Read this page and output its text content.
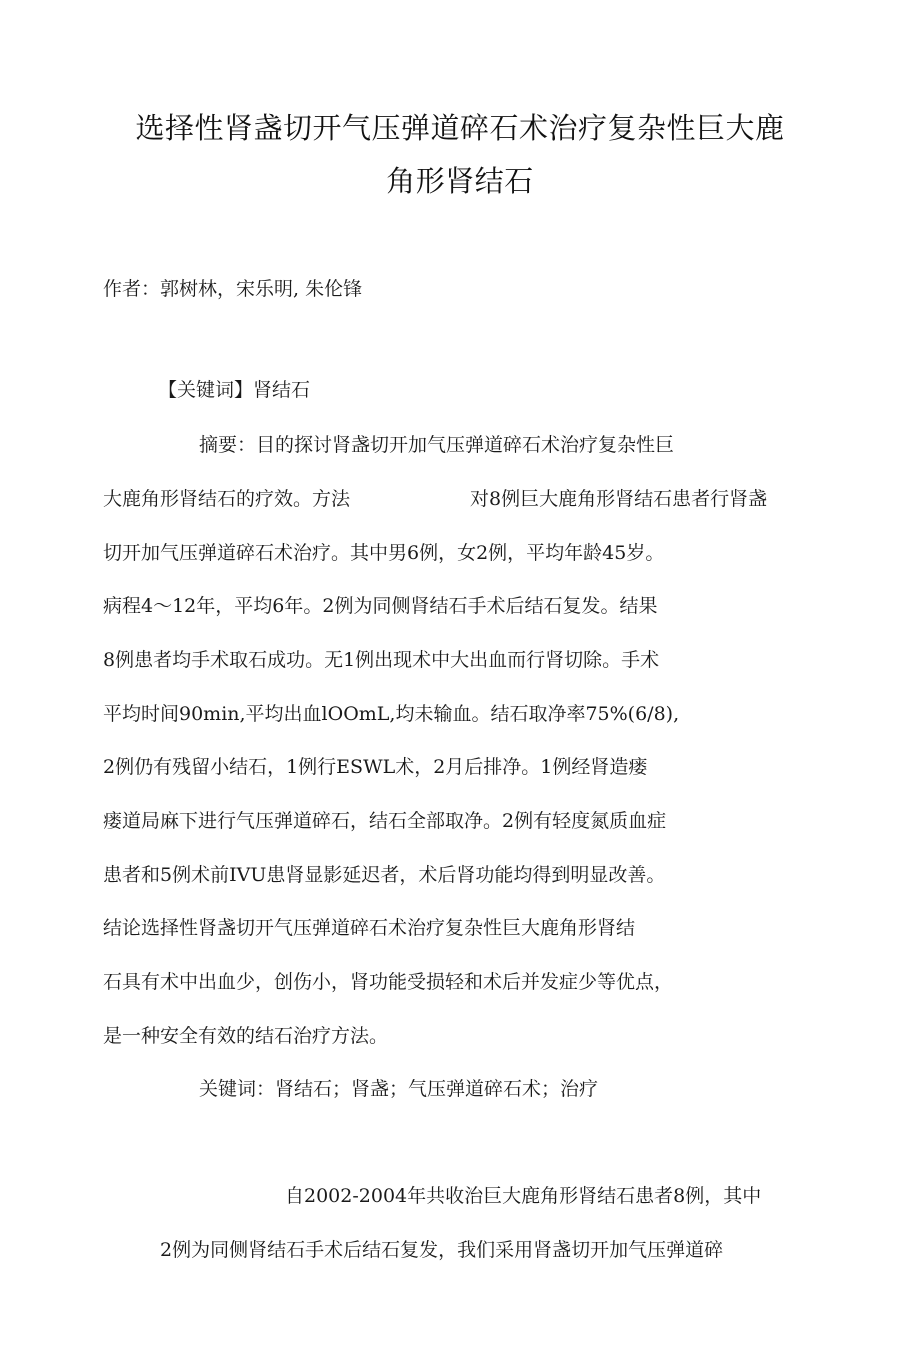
选择性肾盏切开气压弹道碎石术治疗复杂性巨大鹿
角形肾结石
作者：郭树林，宋乐明, 朱伦锋
【关键词】肾结石
摘要：目的探讨肾盏切开加气压弹道碎石术治疗复杂性巨
大鹿角形肾结石的疗效。方法	对8例巨大鹿角形肾结石患者行肾盏
切开加气压弹道碎石术治疗。其中男6例，女2例，平均年龄45岁。
病程4〜12年，平均6年。2例为同侧肾结石手术后结石复发。结果
8例患者均手术取石成功。无1例出现术中大出血而行肾切除。手术
平均时间90min,平均出血lOOmL,均未输血。结石取净率75%(6/8),
2例仍有残留小结石，1例行ESWL术，2月后排净。1例经肾造瘘
瘘道局麻下进行气压弹道碎石，结石全部取净。2例有轻度氮质血症
患者和5例术前IVU患肾显影延迟者，术后肾功能均得到明显改善。
结论选择性肾盏切开气压弹道碎石术治疗复杂性巨大鹿角形肾结
石具有术中出血少，创伤小，肾功能受损轻和术后并发症少等优点，
是一种安全有效的结石治疗方法。
关键词：肾结石；肾盏；气压弹道碎石术；治疗
自2002-2004年共收治巨大鹿角形肾结石患者8例，其中
2例为同侧肾结石手术后结石复发，我们采用肾盏切开加气压弹道碎
